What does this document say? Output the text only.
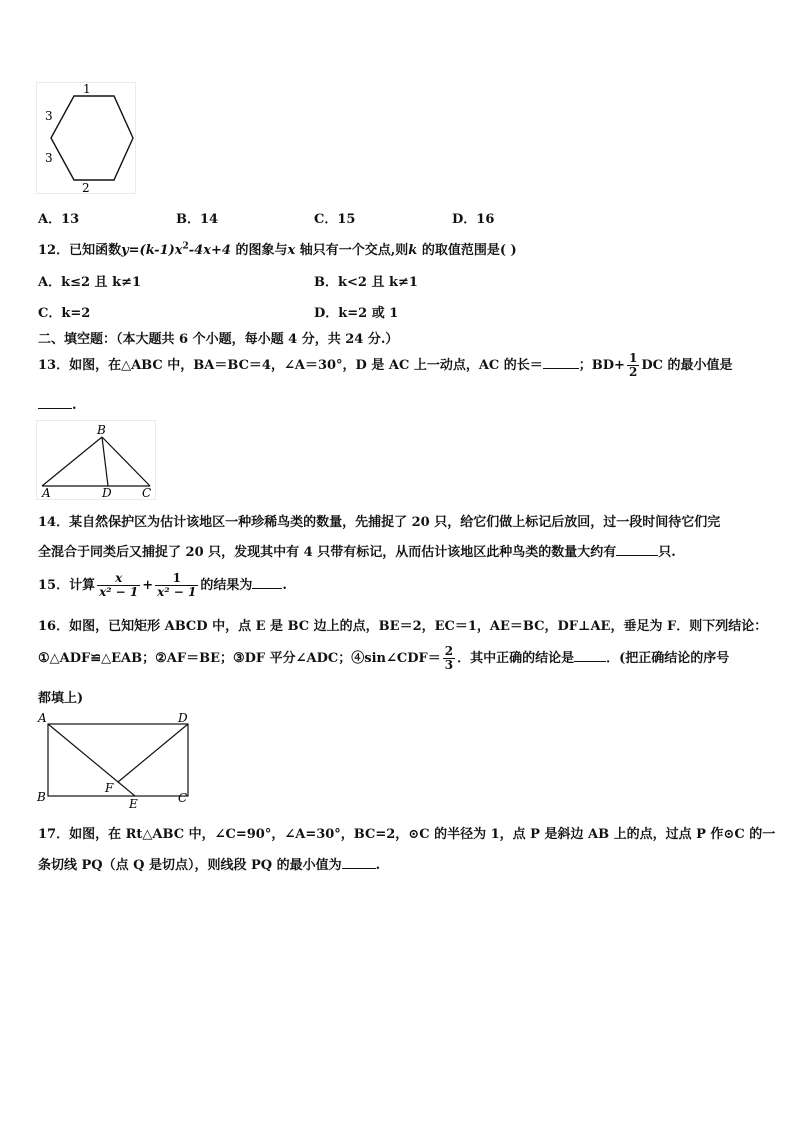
1
3
3
2
A．13	B．14	C．15	D．16
12．已知函数$y=(k-1)x^2-4x+4$ 的图象与x 轴只有一个交点,则k 的取值范围是( )
A．k≤2 且 k≠1	B．k<2 且 k≠1
C．k=2	D．k=2 或 1
二、填空题：（本大题共 6 个小题，每小题 4 分，共 24 分.）
13．如图，在△ABC 中，BA＝BC＝4，∠A＝30°，D 是 AC 上一动点，AC 的长＝	；$BD+ \frac{1}{2}$ DC 的最小值是
.
B
A	D	C
14．某自然保护区为估计该地区一种珍稀鸟类的数量，先捕捉了 20 只，给它们做上标记后放回，过一段时间待它们完
全混合于同类后又捕捉了 20 只，发现其中有 4 只带有标记，从而估计该地区此种鸟类的数量大约有	只.
15．计算 $\frac{x}{\text{x² − 1}} + \frac{1}{\text{x² − 1}}$ 的结果为 .
16．如图，已知矩形 ABCD 中，点 E 是 BC 边上的点，BE＝2，EC＝1，AE＝BC，DF⊥AE，垂足为 F．则下列结论：
①△ADF≌△EAB；②AF＝BE；③DF 平分∠ADC；④sin∠CDF＝ $\frac{2}{3}$ ．其中正确的结论是 ．(把正确结论的序号
都填上)
A	D
B	C
F
E
17．如图，在 Rt△ABC 中，∠C=90°，∠A=30°，BC=2，⊙C 的半径为 1，点 P 是斜边 AB 上的点，过点 P 作⊙C 的一
条切线 PQ（点 Q 是切点），则线段 PQ 的最小值为	.
